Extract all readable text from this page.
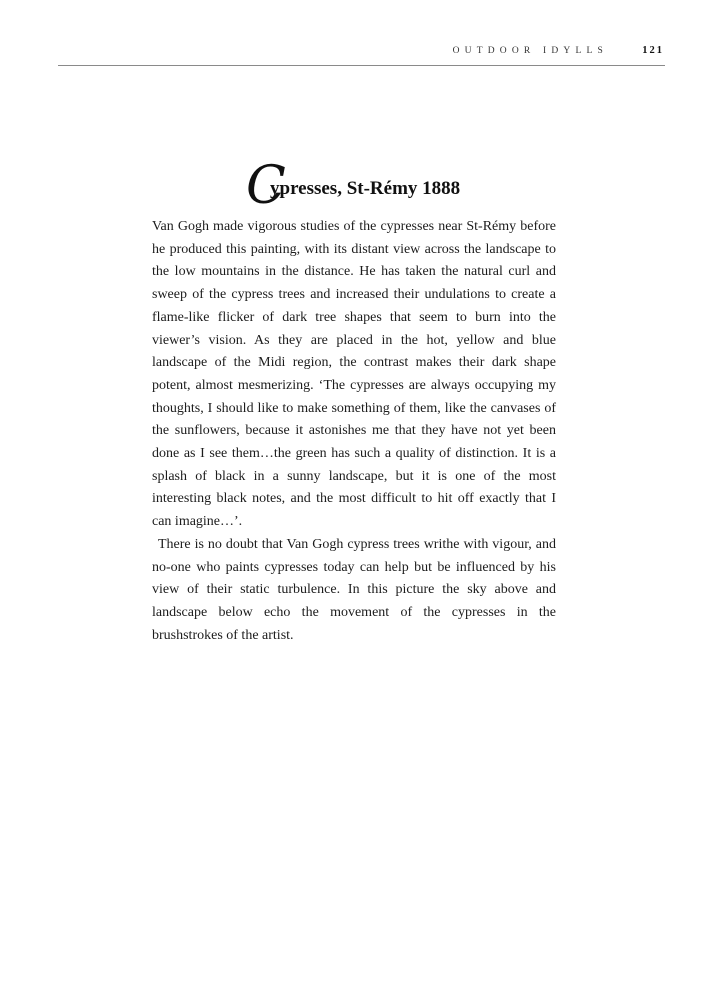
OUTDOOR IDYLLS	121
C
ypresses, St-Rémy 1888

Van Gogh made vigorous studies of the cypresses near St-Rémy before he produced this painting, with its distant view across the landscape to the low mountains in the distance. He has taken the natural curl and sweep of the cypress trees and increased their undulations to create a flame-like flicker of dark tree shapes that seem to burn into the viewer’s vision. As they are placed in the hot, yellow and blue landscape of the Midi region, the contrast makes their dark shape potent, almost mesmerizing. ‘The cypresses are always occupying my thoughts, I should like to make something of them, like the canvases of the sunflowers, because it astonishes me that they have not yet been done as I see them…the green has such a quality of distinction. It is a splash of black in a sunny landscape, but it is one of the most interesting black notes, and the most difficult to hit off exactly that I can imagine…’.

There is no doubt that Van Gogh cypress trees writhe with vigour, and no-one who paints cypresses today can help but be influenced by his view of their static turbulence. In this picture the sky above and landscape below echo the movement of the cypresses in the brushstrokes of the artist.
